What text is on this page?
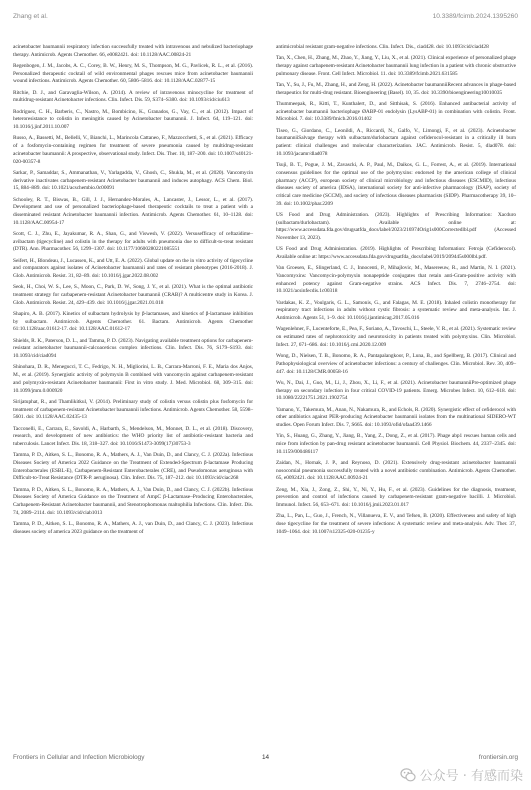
Zhang et al.	10.3389/fcimb.2024.1395260

acinetobacter baumannii respiratory infection successfully treated with intravenous and nebulized bacteriophage therapy. Antimicrob. Agents Chemother. 66, e0082421. doi: 10.1128/AAC.00824-21

Regenbogen, J. M., Jacobs, A. C., Corey, B. W., Henry, M. S., Thompson, M. G., Pavlicek, R. L., et al. (2016). Personalized therapeutic cocktail of wild environmental phages rescues mice from acinetobacter baumannii wound infections. Antimicrob. Agents Chemother. 60, 5806–5816. doi: 10.1128/AAC.02877-15

Ritchie, D. J., and Garavaglia-Wilson, A. (2014). A review of intravenous minocycline for treatment of multidrug-resistant Acinetobacter infections. Clin. Infect. Dis. 59, S374–S380. doi: 10.1093/cid/ciu613

Rodriguez, C. H., Barberis, C., Nastro, M., Bombicino, K., Granados, G., Vay, C., et al. (2012). Impact of heteroresistance to colistin in meningitis caused by Acinetobacter baumannii. J. Infect. 64, 119–121. doi: 10.1016/j.jinf.2011.10.007

Russo, A., Bassetti, M., Bellelli, V., Bianchi, L., Marincola Cattaneo, F., Mazzocchetti, S., et al. (2021). Efficacy of a fosfomycin-containing regimen for treatment of severe pneumonia caused by multidrug-resistant acinetobacter baumannii: A prospective, observational study. Infect. Dis. Ther. 10, 187–200. doi: 10.1007/s40121-020-00357-8

Sarkar, P., Samaddar, S., Ammanathan, V., Yarlagadda, V., Ghosh, C., Shukla, M., et al. (2020). Vancomycin derivative inactivates carbapenem-resistant Acinetobacter baumannii and induces autophagy. ACS Chem. Biol. 15, 884–889. doi: 10.1021/acschembio.0c00091

Schooley, R. T., Biswas, B., Gill, J. J., Hernandez-Morales, A., Lancaster, J., Lessor, L., et al. (2017). Development and use of personalized bacteriophage-based therapeutic cocktails to treat a patient with a disseminated resistant Acinetobacter baumannii infection. Antimicrob. Agents Chemother. 61, 10–1128. doi: 10.1128/AAC.00954-17

Scott, C. J., Zhu, E., Jayakumar, R. A., Shan, G., and Viswesh, V. (2022). Versusefficacy of ceftazidime–avibactam (tigecycline) and colistin in the therapy for adults with pneumonia due to difficult-to-treat resistant (DTR). Ann. Pharmacother. 56, 1299–1307. doi: 10.1177/10600280221085551

Seifert, H., Blondeau, J., Lucassen, K., and Utt, E. A. (2022). Global update on the in vitro activity of tigecycline and comparators against isolates of Acinetobacter baumannii and rates of resistant phenotypes (2016-2018). J. Glob. Antimicrob. Resist. 31, 82–89. doi: 10.1016/j.jgar.2022.08.002

Seok, H., Choi, W. S., Lee, S., Moon, C., Park, D. W., Song, J. Y., et al. (2021). What is the optimal antibiotic treatment strategy for carbapenem-resistant Acinetobacter baumannii (CRAB)? A multicentre study in Korea. J. Glob. Antimicrob. Resist. 24, 429–439. doi: 10.1016/j.jgar.2021.01.018

Shapiro, A. B. (2017). Kinetics of sulbactam hydrolysis by β-lactamases, and kinetics of β-lactamase inhibition by sulbactam. Antimicrob. Agents Chemother. 61. Bactam. Antimicrob. Agents Chemother 61:10.1128/aac.01612-17. doi: 10.1128/AAC.01612-17

Shields, R. K., Paterson, D. L., and Tamma, P. D. (2023). Navigating available treatment options for carbapenem-resistant acinetobacter baumannii-calcoaceticus complex infections. Clin. Infect. Dis. 76, S179–S193. doi: 10.1093/cid/ciad094

Shinohara, D. R., Menegucci, T. C., Fedrigo, N. H., Migliorini, L. B., Carrara-Marroni, F. E., Maria dos Anjos, M., et al. (2019). Synergistic activity of polymyxin B combined with vancomycin against carbapenem-resistant and polymyxin-resistant Acinetobacter baumannii: First in vitro study. J. Med. Microbiol. 68, 309–315. doi: 10.1099/jmm.0.000920

Sirijatuphat, R., and Thamlikitkul, V. (2014). Preliminary study of colistin versus colistin plus fosfomycin for treatment of carbapenem-resistant Acinetobacter baumannii infections. Antimicrob. Agents Chemother. 58, 5598–5601. doi: 10.1128/AAC.02435-13

Tacconelli, E., Carrara, E., Savoldi, A., Harbarth, S., Mendelson, M., Monnet, D. L., et al. (2018). Discovery, research, and development of new antibiotics: the WHO priority list of antibiotic-resistant bacteria and tuberculosis. Lancet Infect. Dis. 18, 318–327. doi: 10.1016/S1473-3099(17)30753-3

Tamma, P. D., Aitken, S. L., Bonomo, R. A., Mathers, A. J., Van Duin, D., and Clancy, C. J. (2022a). Infectious Diseases Society of America 2022 Guidance on the Treatment of Extended-Spectrum β-lactamase Producing Enterobacterales (ESBL-E), Carbapenem-Resistant Enterobacterales (CRE), and Pseudomonas aeruginosa with Difficult-to-Treat Resistance (DTR-P. aeruginosa). Clin. Infect. Dis. 75, 187–212. doi: 10.1093/cid/ciac268

Tamma, P. D., Aitken, S. L., Bonomo, R. A., Mathers, A. J., Van Duin, D., and Clancy, C. J. (2022b). Infectious Diseases Society of America Guidance on the Treatment of AmpC β-Lactamase–Producing Enterobacterales, Carbapenem-Resistant Acinetobacter baumannii, and Stenotrophomonas maltophilia Infections. Clin. Infect. Dis. 74, 2089–2114. doi: 10.1093/cid/ciab1013

Tamma, P. D., Aitken, S. L., Bonomo, R. A., Mathers, A. J., van Duin, D., and Clancy, C. J. (2023). Infectious diseases society of america 2023 guidance on the treatment of

antimicrobial resistant gram-negative infections. Clin. Infect. Dis., ciad428. doi: 10.1093/cid/ciad428

Tan, X., Chen, H., Zhang, M., Zhao, Y., Jiang, Y., Liu, X., et al. (2021). Clinical experience of personalized phage therapy against carbapenem-resistant Acinetobacter baumannii lung infection in a patient with chronic obstructive pulmonary disease. Front. Cell Infect. Microbiol. 11. doi: 10.3389/fcimb.2021.631585

Tan, Y., Su, J., Fu, M., Zhang, H., and Zeng, H. (2022). Acinetobacter baumanniiRecent advances in phage-based therapeutics for multi-drug resistant. Bioengineering (Basel). 10, 35. doi: 10.3390/bioengineering10010035

Thummeepak, R., Kitti, T., Kunthalert, D., and Sitthisak, S. (2016). Enhanced antibacterial activity of acinetobacter baumannii bacteriophage ØABP-01 endolysin (LysABP-01) in combination with colistin. Front. Microbiol. 7. doi: 10.3389/fmicb.2016.01402

Tiseo, G., Giordano, C., Leonildi, A., Riccardi, N., Galfo, V., Limongi, F., et al. (2023). Acinetobacter baumanniiSalvage therapy with sulbactam/durlobactam against cefiderocol-resistant in a critically ill burn patient: clinical challenges and molecular characterization. JAC. Antimicrob. Resist. 5, dlad078. doi: 10.1093/jacamr/dlad078

Tsuji, B. T., Pogue, J. M., Zavascki, A. P., Paul, M., Daikos, G. L., Forrest, A., et al. (2019). International consensus guidelines for the optimal use of the polymyxins: endorsed by the american college of clinical pharmacy (ACCP), european society of clinical microbiology and infectious diseases (ESCMID), infectious diseases society of america (IDSA), international society for anti-infective pharmacology (ISAP), society of critical care medicine (SCCM), and society of infectious diseases pharmacists (SIDP). Pharmacotherapy 39, 10–39. doi: 10.1002/phar.2209

US Food and Drug Administration. (2023). Highlights of Prescribing Information: Xacduro (sulbactam/durlobactam). Available online at: https://www.accessdata.fda.gov/drugsatfda_docs/label/2023/216974Orig1s000Correctedlbl.pdf (Accessed November 13, 2023).

US Food and Drug Administration. (2019). Highlights of Prescribing Information: Fetroja (Cefiderocol). Available online at: https://www.accessdata.fda.gov/drugsatfda_docs/label/2019/209445s000lbl.pdf.

Van Groesen, E., Slingerland, C. J., Innocenti, P., Mihajlovic, M., Masereeuw, R., and Martin, N. I. (2021). Vancomyxins: Vancomycin-polymyxin nonapeptide conjugates that retain anti-Gram-positive activity with enhanced potency against Gram-negative strains. ACS Infect. Dis. 7, 2746–2754. doi: 10.1021/acsinfecdis.1c00318

Vardakas, K. Z., Voulgaris, G. L., Samonis, G., and Falagas, M. E. (2018). Inhaled colistin monotherapy for respiratory tract infections in adults without cystic fibrosis: a systematic review and meta-analysis. Int. J. Antimicrob. Agents 51, 1–9. doi: 10.1016/j.ijantimicag.2017.05.016

Wagenlehner, F., Lucenteforte, E., Pea, F., Soriano, A., Tavoschi, L., Steele, V. R., et al. (2021). Systematic review on estimated rates of nephrotoxicity and neurotoxicity in patients treated with polymyxins. Clin. Microbiol. Infect. 27, 671–686. doi: 10.1016/j.cmi.2020.12.009

Wong, D., Nielsen, T. B., Bonomo, R. A., Pantapalangkoor, P., Luna, B., and Spellberg, B. (2017). Clinical and Pathophysiological overview of acinetobacter infections: a century of challenges. Clin. Microbiol. Rev. 30, 409–447. doi: 10.1128/CMR.00058-16

Wu, N., Dai, J., Guo, M., Li, J., Zhou, X., Li, F., et al. (2021). Acinetobacter baumanniiPre-optimized phage therapy on secondary infection in four critical COVID-19 patients. Emerg. Microbes Infect. 10, 612–618. doi: 10.1080/22221751.2021.1902754

Yamano, Y., Takemura, M., Anan, N., Nakamura, R., and Echols, R. (2020). Synergistic effect of cefiderocol with other antibiotics against PER-producing Acinetobacter baumannii isolates from the multinational SIDERO-WT studies. Open Forum Infect. Dis. 7, S665. doi: 10.1093/ofid/ofaa439.1466

Yin, S., Huang, G., Zhang, Y., Jiang, B., Yang, Z., Dong, Z., et al. (2017). Phage abp1 rescues human cells and mice from infection by pan-drug resistant acinetobacter baumannii. Cell Physiol. Biochem. 44, 2337–2345. doi: 10.1159/000486117

Zaidan, N., Hornak, J. P., and Reynoso, D. (2021). Extensively drug-resistant acinetobacter baumannii nosocomial pneumonia successfully treated with a novel antibiotic combination. Antimicrob. Agents Chemother. 65, e0092421. doi: 10.1128/AAC.00924-21

Zeng, M., Xia, J., Zong, Z., Shi, Y., Ni, Y., Hu, F., et al. (2023). Guidelines for the diagnosis, treatment, prevention and control of infections caused by carbapenem-resistant gram-negative bacilli. J. Microbiol. Immunol. Infect. 56, 653–671. doi: 10.1016/j.jmii.2023.01.017

Zha, L., Pan, L., Guo, J., French, N., Villanueva, E. V., and Tefsen, B. (2020). Effectiveness and safety of high dose tigecycline for the treatment of severe infections: A systematic review and meta-analysis. Adv. Ther. 37, 1049–1064. doi: 10.1007/s12325-020-01235-y

Frontiers in Cellular and Infection Microbiology	14	frontiersin.org
公众号 · 有感而染
